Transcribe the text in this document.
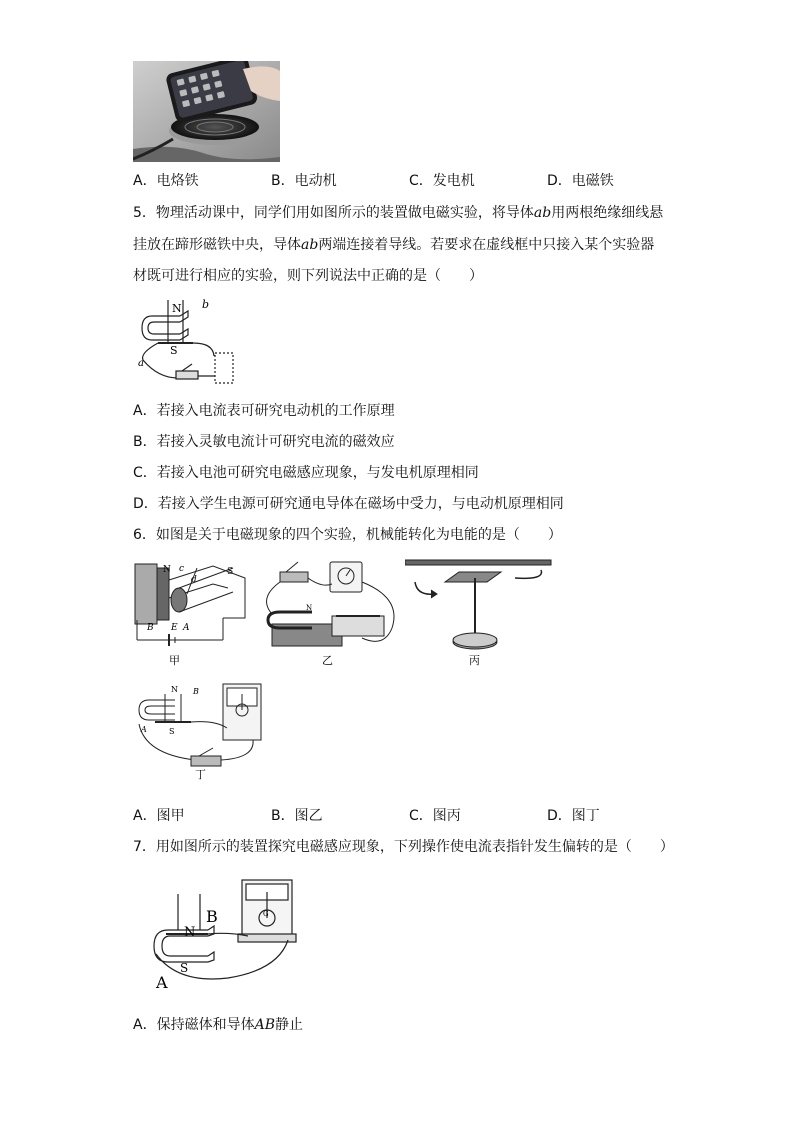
A．电烙铁	B．电动机	C．发电机	D．电磁铁
5．物理活动课中，同学们用如图所示的装置做电磁实验，将导体ab用两根绝缘细线悬
挂放在蹄形磁铁中央，导体ab两端连接着导线。若要求在虚线框中只接入某个实验器
材既可进行相应的实验，则下列说法中正确的是（　　）
N b
S
a
A．若接入电流表可研究电动机的工作原理
B．若接入灵敏电流计可研究电流的磁效应
C．若接入电池可研究电磁感应现象，与发电机原理相同
D．若接入学生电源可研究通电导体在磁场中受力，与电动机原理相同
6．如图是关于电磁现象的四个实验，机械能转化为电能的是（　　）
N c
d
S
B E A
甲
N
乙	丙
N B
A	S
丁
A．图甲	B．图乙	C．图丙	D．图丁
7．用如图所示的装置探究电磁感应现象，下列操作使电流表指针发生偏转的是（　　）
N
B
S
A
G
A．保持磁体和导体AB静止
